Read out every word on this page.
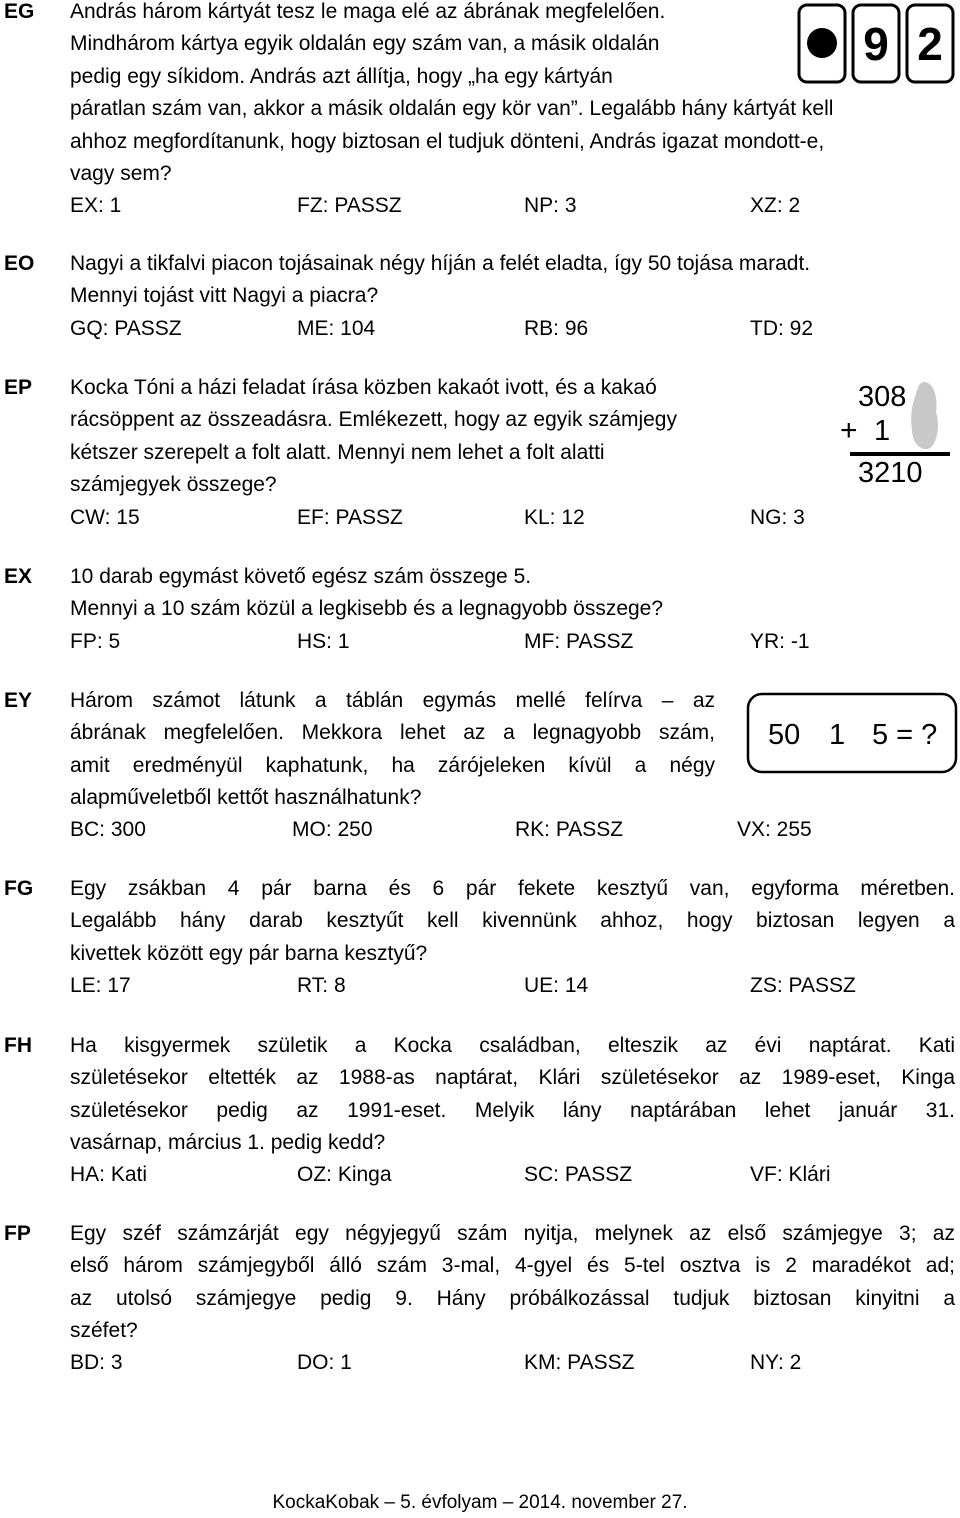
EG András három kártyát tesz le maga elé az ábrának megfelelően.
Mindhárom kártya egyik oldalán egy szám van, a másik oldalán
pedig egy síkidom. András azt állítja, hogy „ha egy kártyán
páratlan szám van, akkor a másik oldalán egy kör van”. Legalább hány kártyát kell
ahhoz megfordítanunk, hogy biztosan el tudjuk dönteni, András igazat mondott-e,
vagy sem?
EX: 1	FZ: PASSZ	NP: 3	XZ: 2
9 2
EO Nagyi a tikfalvi piacon tojásainak négy híján a felét eladta, így 50 tojása maradt.
Mennyi tojást vitt Nagyi a piacra?
GQ: PASSZ	ME: 104	RB: 96	TD: 92
EP Kocka Tóni a házi feladat írása közben kakaót ivott, és a kakaó
rácsöppent az összeadásra. Emlékezett, hogy az egyik számjegy
kétszer szerepelt a folt alatt. Mennyi nem lehet a folt alatti
számjegyek összege?
CW: 15	EF: PASSZ	KL: 12	NG: 3
308
+ 1
3210
EX 10 darab egymást követő egész szám összege 5.
Mennyi a 10 szám közül a legkisebb és a legnagyobb összege?
FP: 5	HS: 1	MF: PASSZ	YR: -1
EY Három számot látunk a táblán egymás mellé felírva – az
ábrának megfelelően. Mekkora lehet az a legnagyobb szám,
amit eredményül kaphatunk, ha zárójeleken kívül a négy
alapműveletből kettőt használhatunk?
BC: 300	MO: 250	RK: PASSZ	VX: 255
50 1 5 = ?
FG Egy zsákban 4 pár barna és 6 pár fekete kesztyű van, egyforma méretben.
Legalább hány darab kesztyűt kell kivennünk ahhoz, hogy biztosan legyen a
kivettek között egy pár barna kesztyű?
LE: 17	RT: 8	UE: 14	ZS: PASSZ
FH Ha kisgyermek születik a Kocka családban, elteszik az évi naptárat. Kati
születésekor eltették az 1988-as naptárat, Klári születésekor az 1989-eset, Kinga
születésekor pedig az 1991-eset. Melyik lány naptárában lehet január 31.
vasárnap, március 1. pedig kedd?
HA: Kati	OZ: Kinga	SC: PASSZ	VF: Klári
FP Egy széf számzárját egy négyjegyű szám nyitja, melynek az első számjegye 3; az
első három számjegyből álló szám 3-mal, 4-gyel és 5-tel osztva is 2 maradékot ad;
az utolsó számjegye pedig 9. Hány próbálkozással tudjuk biztosan kinyitni a
széfet?
BD: 3	DO: 1	KM: PASSZ	NY: 2
KockaKobak – 5. évfolyam – 2014. november 27.
